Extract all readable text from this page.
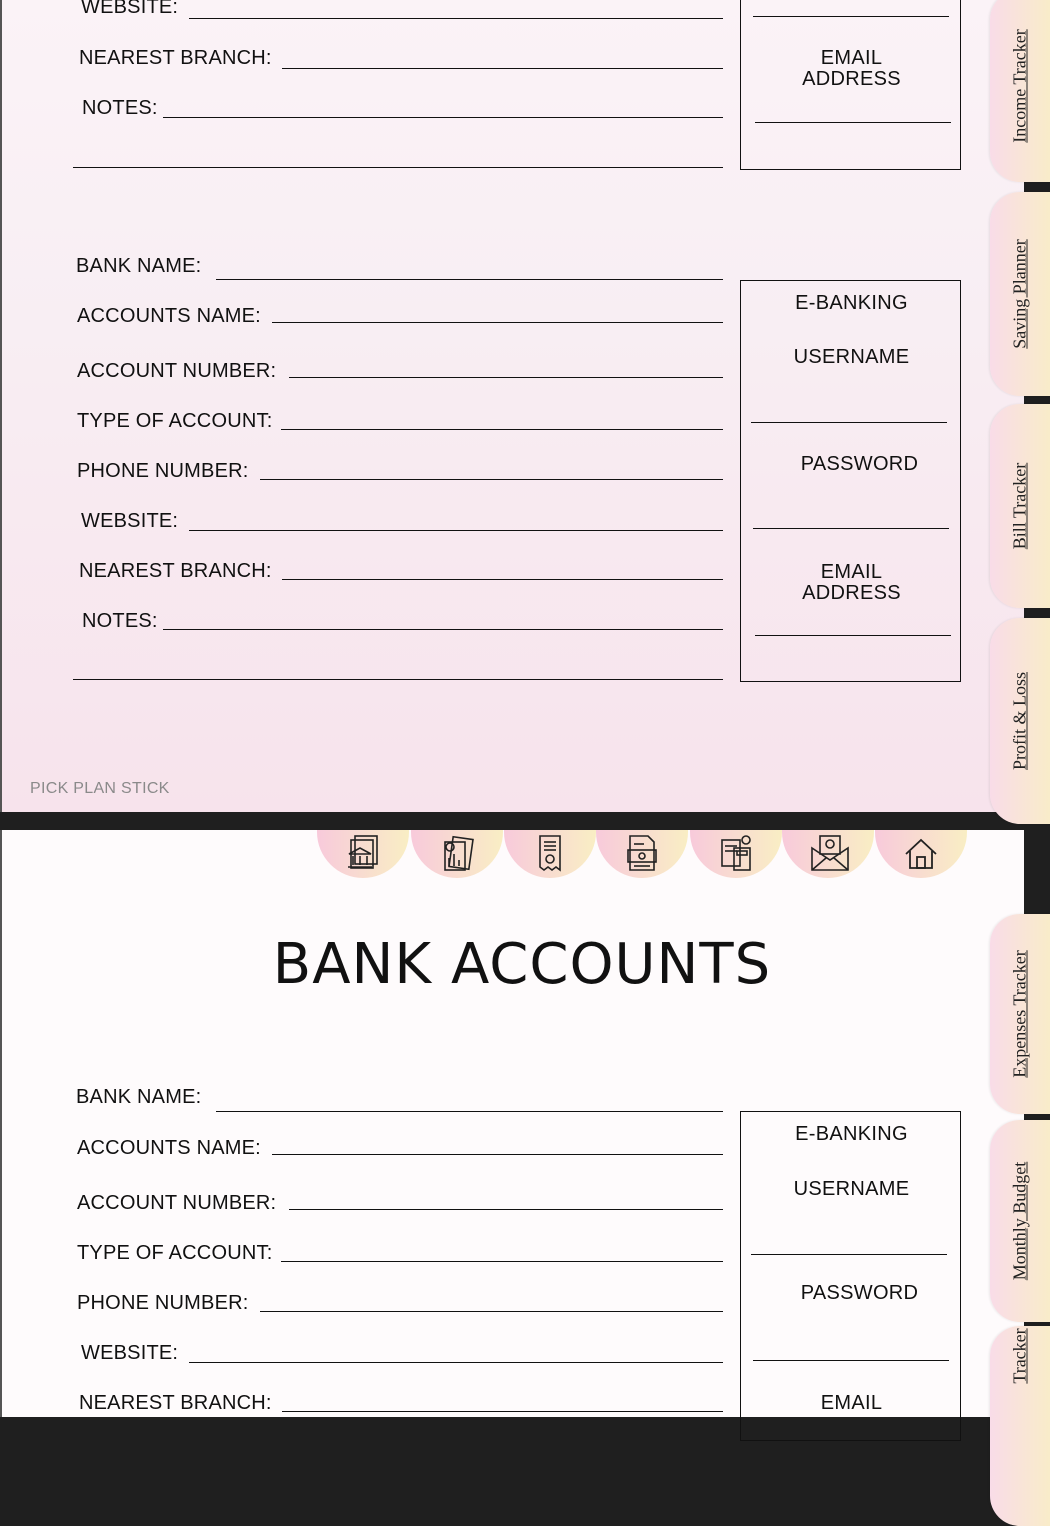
WEBSITE:
NEAREST BRANCH:
NOTES:
EMAIL
ADDRESS
BANK NAME:
ACCOUNTS NAME:
ACCOUNT NUMBER:
TYPE OF ACCOUNT:
PHONE NUMBER:
WEBSITE:
NEAREST BRANCH:
NOTES:
E-BANKING
USERNAME
PASSWORD
EMAIL
ADDRESS
PICK PLAN STICK
Income Tracker
Saving Planner
Bill Tracker
Profit & Loss
BANK ACCOUNTS
BANK NAME:
ACCOUNTS NAME:
ACCOUNT NUMBER:
TYPE OF ACCOUNT:
PHONE NUMBER:
WEBSITE:
NEAREST BRANCH:
E-BANKING
USERNAME
PASSWORD
EMAIL
Expenses Tracker
Monthly Budget
Tracker
